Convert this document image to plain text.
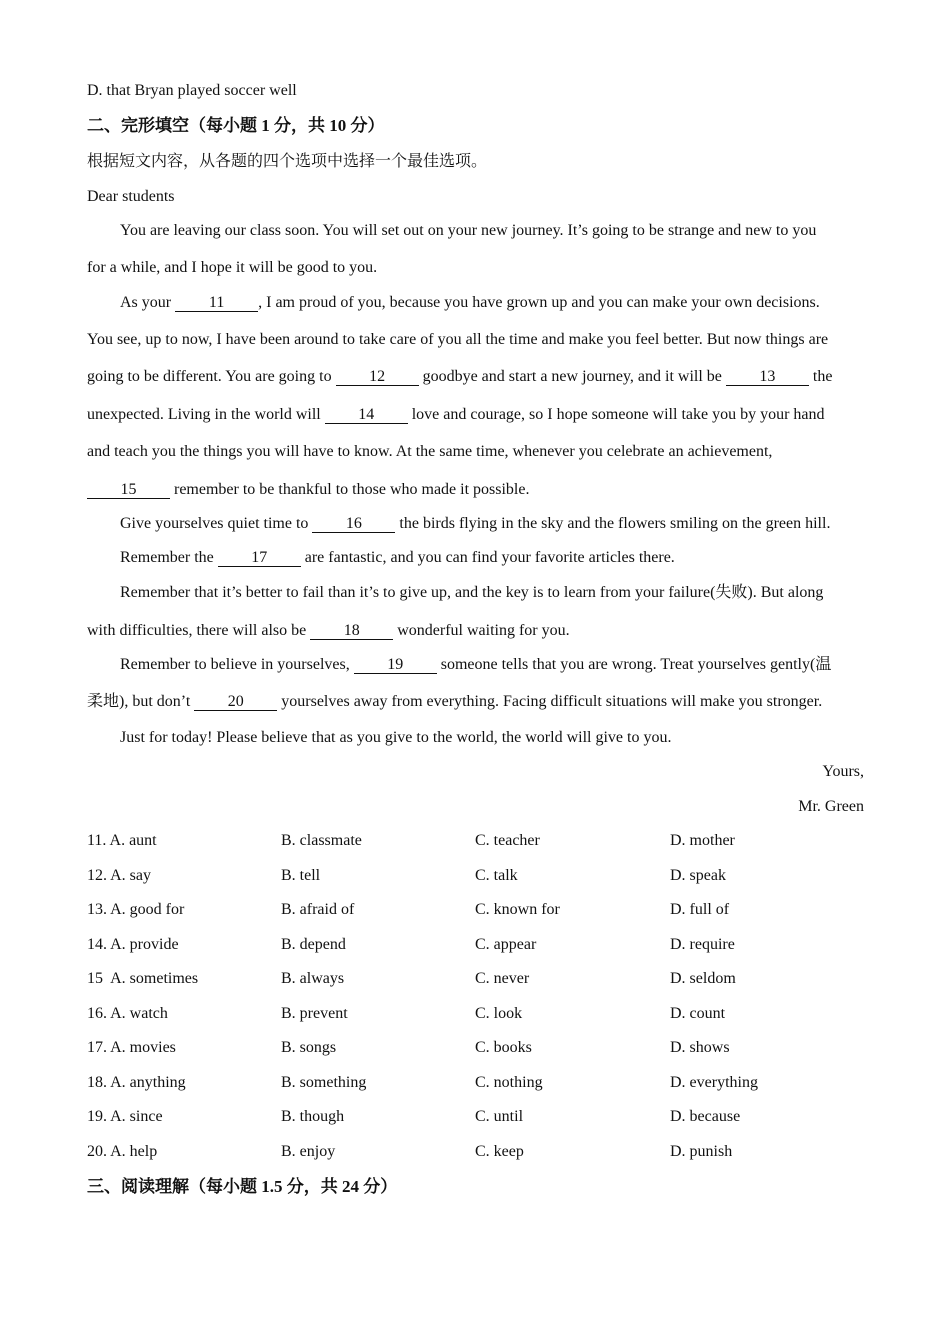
D. that Bryan played soccer well
二、完形填空（每小题 1 分，共 10 分）
根据短文内容，从各题的四个选项中选择一个最佳选项。
Dear students
You are leaving our class soon. You will set out on your new journey. It’s going to be strange and new to you
for a while, and I hope it will be good to you.
As your 11 , I am proud of you, because you have grown up and you can make your own decisions.
You see, up to now, I have been around to take care of you all the time and make you feel better. But now things are
going to be different. You are going to 12 goodbye and start a new journey, and it will be 13 the
unexpected. Living in the world will 14 love and courage, so I hope someone will take you by your hand
and teach you the things you will have to know. At the same time, whenever you celebrate an achievement,
15 remember to be thankful to those who made it possible.
Give yourselves quiet time to 16 the birds flying in the sky and the flowers smiling on the green hill.
Remember the 17 are fantastic, and you can find your favorite articles there.
Remember that it’s better to fail than it’s to give up, and the key is to learn from your failure(失败). But along
with difficulties, there will also be 18 wonderful waiting for you.
Remember to believe in yourselves, 19 someone tells that you are wrong. Treat yourselves gently(温
柔地), but don’t 20 yourselves away from everything. Facing difficult situations will make you stronger.
Just for today! Please believe that as you give to the world, the world will give to you.
Yours,
Mr. Green
11. A. aunt	B. classmate	C. teacher	D. mother
12. A. say	B. tell	C. talk	D. speak
13. A. good for	B. afraid of	C. known for	D. full of
14. A. provide	B. depend	C. appear	D. require
15  A. sometimes	B. always	C. never	D. seldom
16. A. watch	B. prevent	C. look	D. count
17. A. movies	B. songs	C. books	D. shows
18. A. anything	B. something	C. nothing	D. everything
19. A. since	B. though	C. until	D. because
20. A. help	B. enjoy	C. keep	D. punish
三、阅读理解（每小题 1.5 分，共 24 分）
